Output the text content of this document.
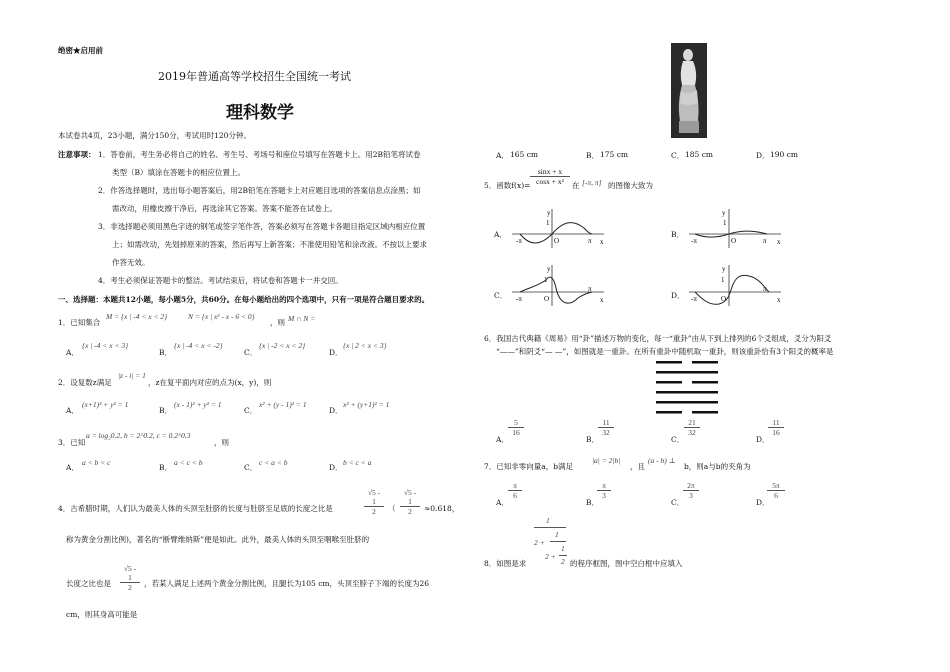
绝密★启用前
2019年普通高等学校招生全国统一考试
理科数学
本试卷共4页，23小题，满分150分，考试用时120分钟。
注意事项： 1．答卷前，考生务必将自己的姓名、考生号、考场号和座位号填写在答题卡上。用2B铅笔将试卷
类型（B）填涂在答题卡的相应位置上。
2．作答选择题时，选出每小题答案后，用2B铅笔在答题卡上对应题目选项的答案信息点涂黑；如
需改动，用橡皮擦干净后，再选涂其它答案。答案不能答在试卷上。
3．非选择题必须用黑色字迹的钢笔或签字笔作答，答案必须写在答题卡各题目指定区域内相应位置
上；如需改动，先划掉原来的答案，然后再写上新答案；不准使用铅笔和涂改液。不按以上要求
作答无效。
4．考生必须保证答题卡的整洁。考试结束后，将试卷和答题卡一并交回。
一、选择题：本题共12小题，每小题5分，共60分。在每小题给出的四个选项中，只有一项是符合题目要求的。
1．已知集合
M = {x | -4 < x < 2}	N = {x | x² - x - 6 < 0}
，则 M ∩ N =
A．
{x | -4 < x < 3}
B．
{x | -4 < x < -2}
C．
{x | -2 < x < 2}
D．
{x | 2 < x < 3}
2．设复数z满足
|z - i| = 1
，z在复平面内对应的点为(x，y)，则
A．
(x+1)² + y² = 1
B．
(x - 1)² + y² = 1
C．
x² + (y - 1)² = 1
D．
x² + (y+1)² = 1
3．已知
a = log₂0.2, b = 2^0.2, c = 0.2^0.3
，则
A．
a < b < c
B．
a < c < b
C．
c < a < b
D．
b < c < a
4．古希腊时期，人们认为最美人体的头顶至肚脐的长度与肚脐至足底的长度之比是	$\frac{√5 - 1}{2}$ （ $\frac{√5 - 1}{2} \approx 0.618$，
称为黄金分割比例)，著名的“断臂维纳斯”便是如此。此外，最美人体的头顶至咽喉至肚脐的
长度之比也是 $\frac{√5 - 1}{2}$ ，若某人满足上述两个黄金分割比例，且腿长为105 cm，头顶至脖子下端的长度为26
cm，则其身高可能是
A． 165 cm	B． 175 cm	C． 185 cm	D． 190 cm
5．函数$f(x)= \frac{\sin x + x}{\text{cosx + x²}}$ 在 [-π, π] 的图像大致为
A．	B．
C．	D．
x
y
1
-π	π
O	x
y
1
-π	π
O
x
y
1
-π
π
O	x
y
1
-π
π
O
6．我国古代典籍《周易》用“卦”描述万物的变化，每一“重卦”由从下到上排列的6个爻组成，爻分为阳爻
“——”和阴爻“— —”，如图就是一重卦。在所有重卦中随机取一重卦，则该重卦恰有3个阳爻的概率是
A．
$\frac{5}{16}$
B．
$\frac{11}{32}$
C．
$\frac{21}{32}$
D．
$\frac{11}{16}$
7．已知非零向量a，b满足
|a| = 2|b|
，且
(a - b) ⊥
b，则a与b的夹角为
A．
$\frac{\pi}{6}$
B．
$\frac{\pi}{3}$
C．
$\frac{2\pi}{3}$
D．
$\frac{5\pi}{6}$
8．如图是求
1
2 +
1
2 +
1
2 的程序框图，图中空白框中应填入
